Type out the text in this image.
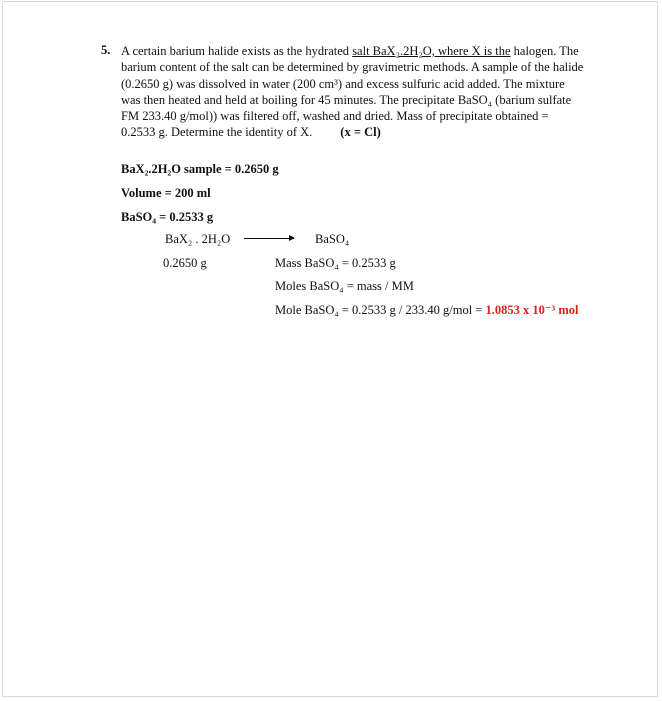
5. A certain barium halide exists as the hydrated salt BaX₂.2H₂O, where X is the halogen. The
barium content of the salt can be determined by gravimetric methods. A sample of the halide
(0.2650 g) was dissolved in water (200 cm³) and excess sulfuric acid added. The mixture
was then heated and held at boiling for 45 minutes. The precipitate BaSO₄ (barium sulfate
FM 233.40 g/mol)) was filtered off, washed and dried. Mass of precipitate obtained =
0.2533 g. Determine the identity of X. (x = Cl)
BaX₂.2H₂O sample = 0.2650 g
Volume = 200 ml
BaSO₄ = 0.2533 g
BaX₂ . 2H₂O → BaSO₄
0.2650 g	Mass BaSO₄ = 0.2533 g
Moles BaSO₄ = mass / MM
Mole BaSO₄ = 0.2533 g / 233.40 g/mol = 1.0853 x 10⁻³ mol
